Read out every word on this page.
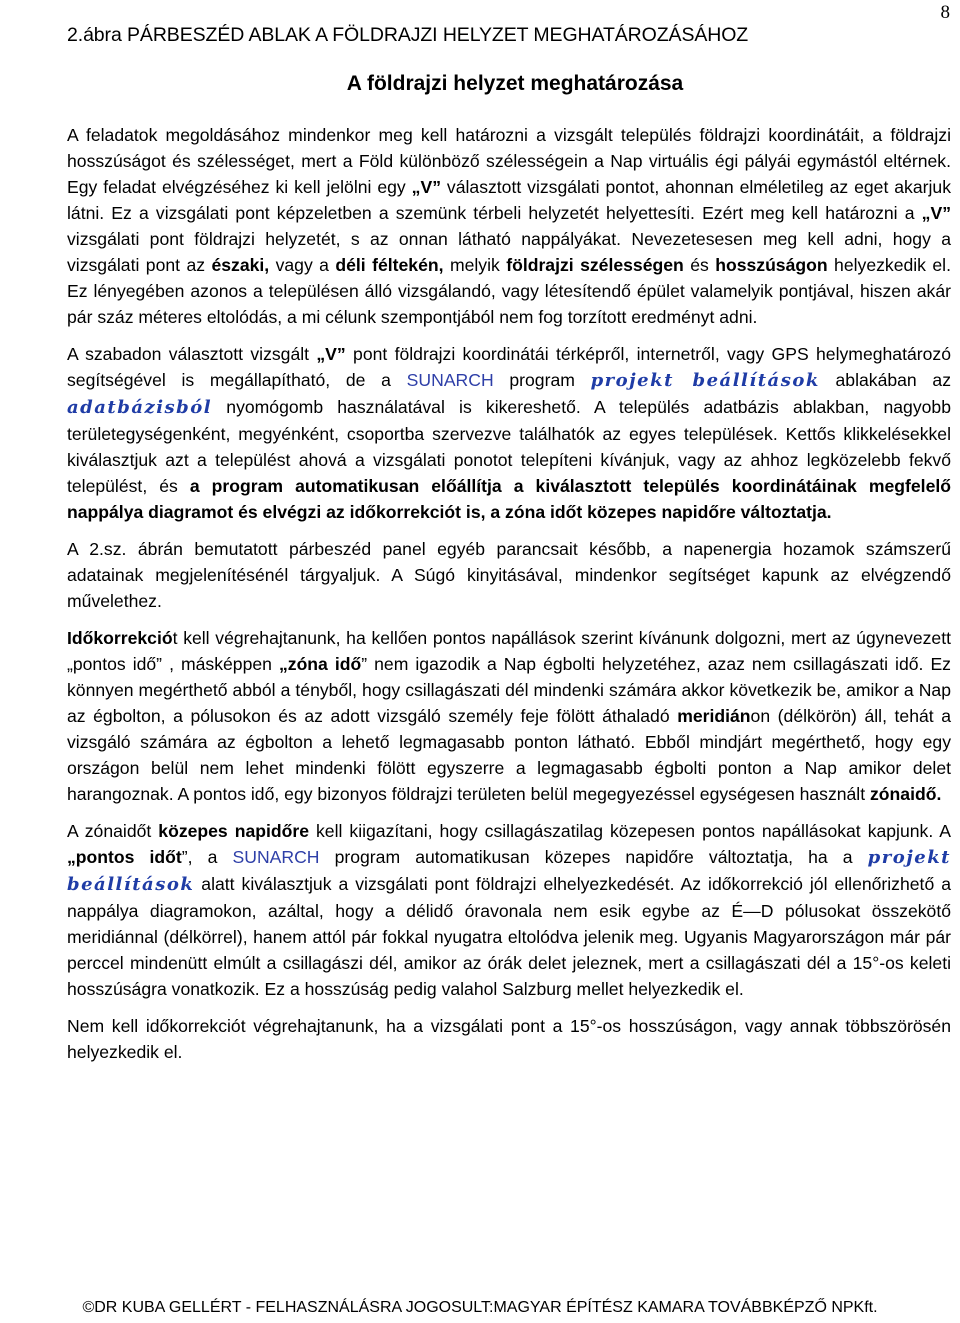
8
2.ábra PÁRBESZÉD ABLAK A FÖLDRAJZI HELYZET MEGHATÁROZÁSÁHOZ
A földrajzi helyzet meghatározása

A feladatok megoldásához mindenkor meg kell határozni a vizsgált település földrajzi koordinátáit, a földrajzi hosszúságot és szélességet, mert a Föld különböző szélességein a Nap virtuális égi pályái egymástól eltérnek. Egy feladat elvégzéséhez ki kell jelölni egy „V” választott vizsgálati pontot, ahonnan elméletileg az eget akarjuk látni. Ez a vizsgálati pont képzeletben a szemünk térbeli helyzetét helyettesíti. Ezért meg kell határozni a „V” vizsgálati pont földrajzi helyzetét, s az onnan látható nappályákat. Nevezetesesen meg kell adni, hogy a vizsgálati pont az északi, vagy a déli féltekén, melyik földrajzi szélességen és hosszúságon helyezkedik el. Ez lényegében azonos a településen álló vizsgálandó, vagy létesítendő épület valamelyik pontjával, hiszen akár pár száz méteres eltolódás, a mi célunk szempontjából nem fog torzított eredményt adni.

A szabadon választott vizsgált „V” pont földrajzi koordinátái térképről, internetről, vagy GPS helymeghatározó segítségével is megállapítható, de a SUNARCH program projekt beállítások ablakában az adatbázisból nyomógomb használatával is kikereshető. A település adatbázis ablakban, nagyobb területegységenként, megyénként, csoportba szervezve találhatók az egyes települések. Kettős klikkelésekkel kiválasztjuk azt a települést ahová a vizsgálati ponotot telepíteni kívánjuk, vagy az ahhoz legközelebb fekvő települést, és a program automatikusan előállítja a kiválasztott település koordinátáinak megfelelő nappálya diagramot és elvégzi az időkorrekciót is, a zóna időt közepes napidőre változtatja.

A 2.sz. ábrán bemutatott párbeszéd panel egyéb parancsait később, a napenergia hozamok számszerű adatainak megjelenítésénél tárgyaljuk. A Súgó kinyitásával, mindenkor segítséget kapunk az elvégzendő művelethez.

Időkorrekciót kell végrehajtanunk, ha kellően pontos napállások szerint kívánunk dolgozni, mert az úgynevezett „pontos idő” , másképpen „zóna idő” nem igazodik a Nap égbolti helyzetéhez, azaz nem csillagászati idő. Ez könnyen megérthető abból a tényből, hogy csillagászati dél mindenki számára akkor következik be, amikor a Nap az égbolton, a pólusokon és az adott vizsgáló személy feje fölött áthaladó meridiánon (délkörön) áll, tehát a vizsgáló számára az égbolton a lehető legmagasabb ponton látható. Ebből mindjárt megérthető, hogy egy országon belül nem lehet mindenki fölött egyszerre a legmagasabb égbolti ponton a Nap amikor delet harangoznak. A pontos idő, egy bizonyos földrajzi területen belül megegyezéssel egységesen használt zónaidő.

A zónaidőt közepes napidőre kell kiigazítani, hogy csillagászatilag közepesen pontos napállásokat kapjunk. A „pontos időt”, a SUNARCH program automatikusan közepes napidőre változtatja, ha a projekt beállítások alatt kiválasztjuk a vizsgálati pont földrajzi elhelyezkedését. Az időkorrekció jól ellenőrizhető a nappálya diagramokon, azáltal, hogy a délidő óravonala nem esik egybe az É—D pólusokat összekötő meridiánnal (délkörrel), hanem attól pár fokkal nyugatra eltolódva jelenik meg. Ugyanis Magyarországon már pár perccel mindenütt elmúlt a csillagászi dél, amikor az órák delet jeleznek, mert a csillagászati dél a 15°-os keleti hosszúságra vonatkozik. Ez a hosszúság pedig valahol Salzburg mellet helyezkedik el.

Nem kell időkorrekciót végrehajtanunk, ha a vizsgálati pont a 15°-os hosszúságon, vagy annak többszörösén helyezkedik el.

©DR KUBA GELLÉRT - FELHASZNÁLÁSRA JOGOSULT:MAGYAR ÉPÍTÉSZ KAMARA TOVÁBBKÉPZŐ NPKft.
